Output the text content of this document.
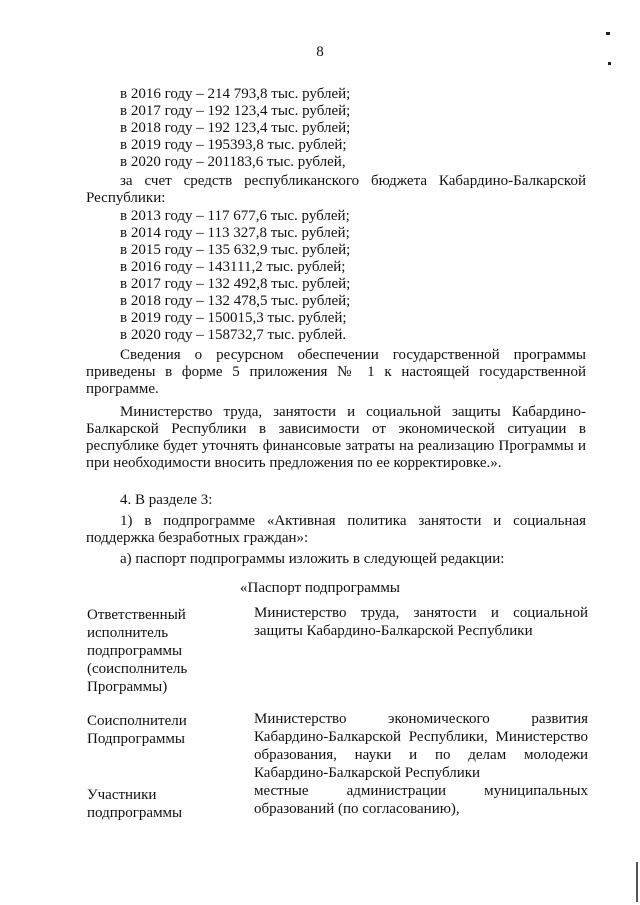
8
в 2016 году – 214 793,8 тыс. рублей;
в 2017 году – 192 123,4 тыс. рублей;
в 2018 году – 192 123,4 тыс. рублей;
в 2019 году – 195393,8 тыс. рублей;
в 2020 году – 201183,6 тыс. рублей,
за счет средств республиканского бюджета Кабардино-Балкарской Республики:
в 2013 году – 117 677,6 тыс. рублей;
в 2014 году – 113 327,8 тыс. рублей;
в 2015 году – 135 632,9 тыс. рублей;
в 2016 году – 143111,2 тыс. рублей;
в 2017 году – 132 492,8 тыс. рублей;
в 2018 году – 132 478,5 тыс. рублей;
в 2019 году – 150015,3 тыс. рублей;
в 2020 году – 158732,7 тыс. рублей.
Сведения о ресурсном обеспечении государственной программы приведены в форме 5 приложения № 1 к настоящей государственной программе.
Министерство труда, занятости и социальной защиты Кабардино-Балкарской Республики в зависимости от экономической ситуации в республике будет уточнять финансовые затраты на реализацию Программы и при необходимости вносить предложения по ее корректировке.».
4. В разделе 3:
1) в подпрограмме «Активная политика занятости и социальная поддержка безработных граждан»:
а) паспорт подпрограммы изложить в следующей редакции:
«Паспорт подпрограммы
Ответственный исполнитель подпрограммы (соисполнитель Программы)
Министерство труда, занятости и социальной защиты Кабардино-Балкарской Республики
Соисполнители Подпрограммы
Министерство экономического развития Кабардино-Балкарской Республики, Министерство образования, науки и по делам молодежи Кабардино-Балкарской Республики
Участники подпрограммы
местные администрации муниципальных образований (по согласованию),
